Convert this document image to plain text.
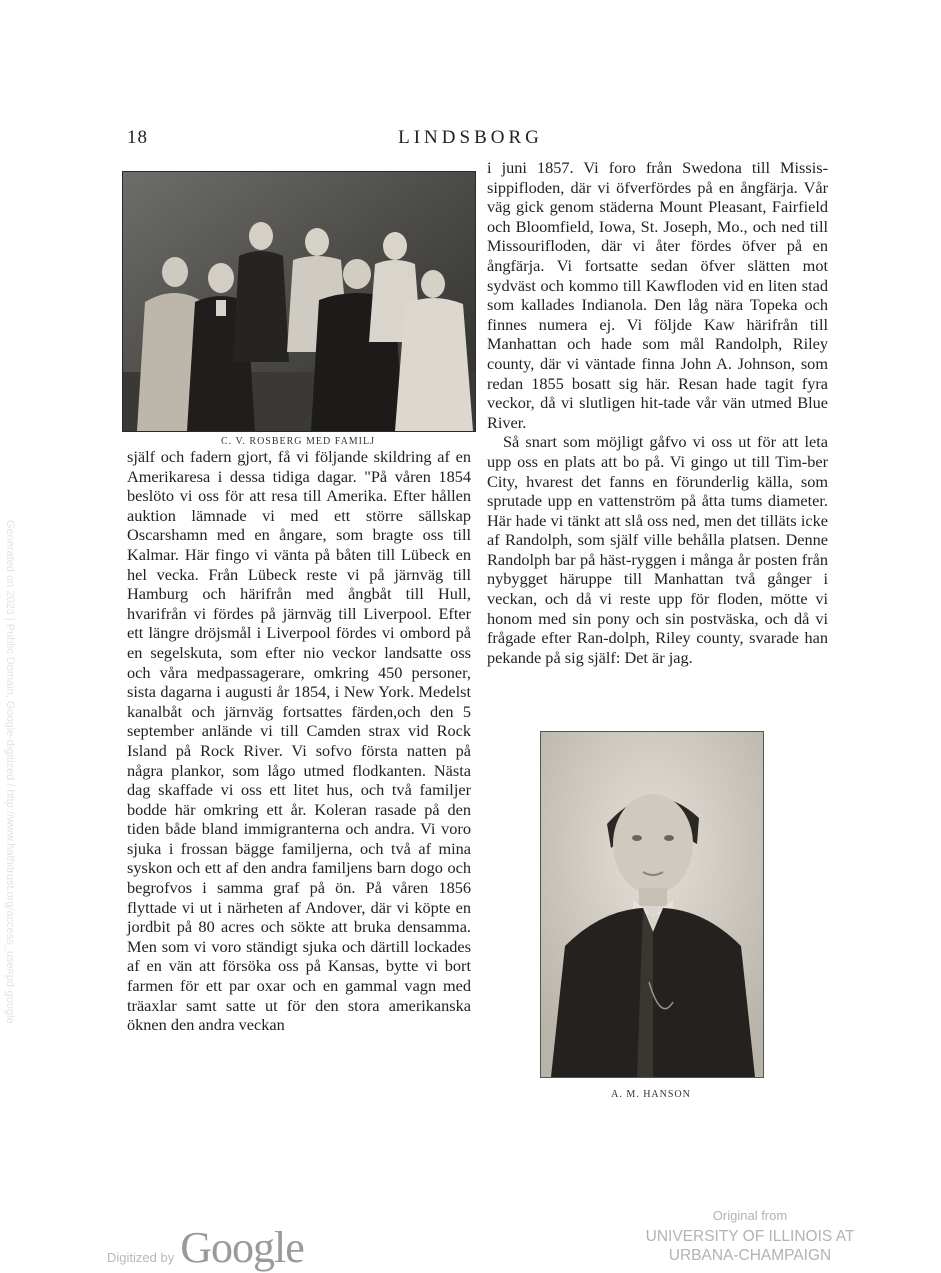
18	LINDSBORG
C. V. ROSBERG MED FAMILJ

själf och fadern gjort, få vi följande skildring af en Amerikaresa i dessa tidiga dagar. "På våren 1854 beslöto vi oss för att resa till Amerika. Efter hållen auktion lämnade vi med ett större sällskap Oscarshamn med en ångare, som bragte oss till Kalmar. Här fingo vi vänta på båten till Lübeck en hel vecka. Från Lübeck reste vi på järnväg till Hamburg och härifrån med ångbåt till Hull, hvarifrån vi fördes på järnväg till Liverpool. Efter ett längre dröjsmål i Liverpool fördes vi ombord på en segelskuta, som efter nio veckor landsatte oss och våra medpassagerare, omkring 450 personer, sista dagarna i augusti år 1854, i New York. Medelst kanalbåt och järnväg fortsattes färden,och den 5 september anlände vi till Camden strax vid Rock Island på Rock River. Vi sofvo första natten på några plankor, som lågo utmed flodkanten. Nästa dag skaffade vi oss ett litet hus, och två familjer bodde här omkring ett år. Koleran rasade på den tiden både bland immigranterna och andra. Vi voro sjuka i frossan bägge familjerna, och två af mina syskon och ett af den andra familjens barn dogo och begrofvos i samma graf på ön. På våren 1856 flyttade vi ut i närheten af Andover, där vi köpte en jordbit på 80 acres och sökte att bruka densamma. Men som vi voro ständigt sjuka och därtill lockades af en vän att försöka oss på Kansas, bytte vi bort farmen för ett par oxar och en gammal vagn med träaxlar samt satte ut för den stora amerikanska öknen den andra veckan

i juni 1857. Vi foro från Swedona till Missis-sippifloden, där vi öfverfördes på en ångfärja. Vår väg gick genom städerna Mount Pleasant, Fairfield och Bloomfield, Iowa, St. Joseph, Mo., och ned till Missourifloden, där vi åter fördes öfver på en ångfärja. Vi fortsatte sedan öfver slätten mot sydväst och kommo till Kawfloden vid en liten stad som kallades Indianola. Den låg nära Topeka och finnes numera ej. Vi följde Kaw härifrån till Manhattan och hade som mål Randolph, Riley county, där vi väntade finna John A. Johnson, som redan 1855 bosatt sig här. Resan hade tagit fyra veckor, då vi slutligen hit-tade vår vän utmed Blue River.

Så snart som möjligt gåfvo vi oss ut för att leta upp oss en plats att bo på. Vi gingo ut till Tim-ber City, hvarest det fanns en förunderlig källa, som sprutade upp en vattenström på åtta tums diameter. Här hade vi tänkt att slå oss ned, men det tilläts icke af Randolph, som själf ville behålla platsen. Denne Randolph bar på häst-ryggen i många år posten från nybygget häruppe till Manhattan två gånger i veckan, och då vi reste upp för floden, mötte vi honom med sin pony och sin postväska, och då vi frågade efter Ran-dolph, Riley county, svarade han pekande på sig själf: Det är jag.

A. M. HANSON
Digitized by Google
Original from
UNIVERSITY OF ILLINOIS AT
URBANA-CHAMPAIGN
Generated on 2023 | Public Domain, Google-digitized / http://www.hathitrust.org/access_use#pd-google
